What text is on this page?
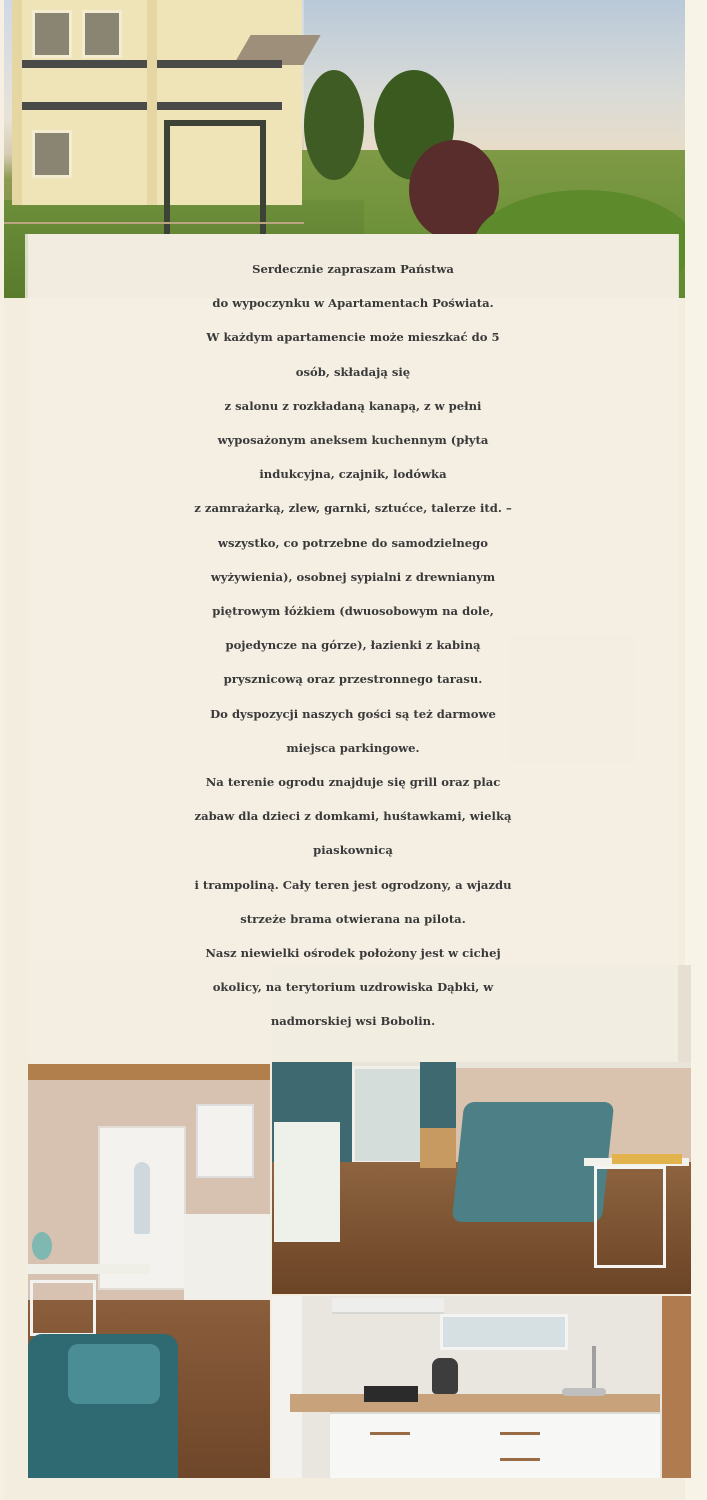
Serdecznie zapraszam Państwa
do wypoczynku w Apartamentach Poświata.
W każdym apartamencie może mieszkać do 5
osób, składają się
z salonu z rozkładaną kanapą, z w pełni
wyposażonym aneksem kuchennym (płyta
indukcyjna, czajnik, lodówka
z zamrażarką, zlew, garnki, sztućce, talerze itd. –
wszystko, co potrzebne do samodzielnego
wyżywienia), osobnej sypialni z drewnianym
piętrowym łóżkiem (dwuosobowym na dole,
pojedyncze na górze), łazienki z kabiną
prysznicową oraz przestronnego tarasu.
Do dyspozycji naszych gości są też darmowe
miejsca parkingowe.
Na terenie ogrodu znajduje się grill oraz plac
zabaw dla dzieci z domkami, huśtawkami, wielką
piaskownicą
i trampoliną. Cały teren jest ogrodzony, a wjazdu
strzeże brama otwierana na pilota.
Nasz niewielki ośrodek położony jest w cichej
okolicy, na terytorium uzdrowiska Dąbki, w
nadmorskiej wsi Bobolin.
